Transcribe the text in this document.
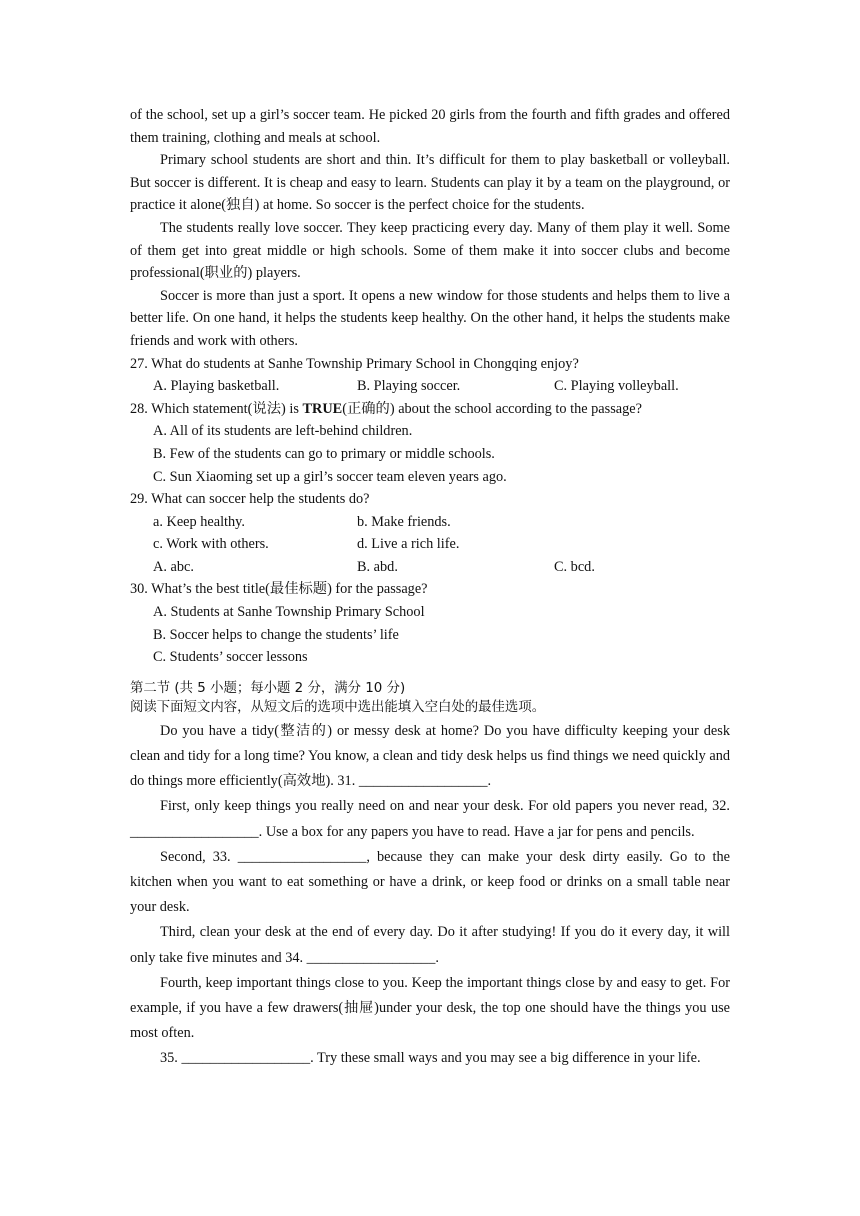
of the school, set up a girl’s soccer team. He picked 20 girls from the fourth and fifth grades and offered them training, clothing and meals at school.

Primary school students are short and thin. It’s difficult for them to play basketball or volleyball. But soccer is different. It is cheap and easy to learn. Students can play it by a team on the playground, or practice it alone(独自) at home. So soccer is the perfect choice for the students.

The students really love soccer. They keep practicing every day. Many of them play it well. Some of them get into great middle or high schools. Some of them make it into soccer clubs and become professional(职业的) players.

Soccer is more than just a sport. It opens a new window for those students and helps them to live a better life. On one hand, it helps the students keep healthy. On the other hand, it helps the students make friends and work with others.

27. What do students at Sanhe Township Primary School in Chongqing enjoy?

A. Playing basketball.	B. Playing soccer.	C. Playing volleyball.

28. Which statement(说法) is TRUE(正确的) about the school according to the passage?

A. All of its students are left-behind children.

B. Few of the students can go to primary or middle schools.

C. Sun Xiaoming set up a girl’s soccer team eleven years ago.

29. What can soccer help the students do?

a. Keep healthy.	b. Make friends.
c. Work with others.	d. Live a rich life.
A. abc.	B. abd.	C. bcd.

30. What’s the best title(最佳标题) for the passage?

A. Students at Sanhe Township Primary School

B. Soccer helps to change the students’ life

C. Students’ soccer lessons

第二节 (共 5 小题；每小题 2 分，满分 10 分)

阅读下面短文内容，从短文后的选项中选出能填入空白处的最佳选项。

Do you have a tidy(整洁的) or messy desk at home? Do you have difficulty keeping your desk clean and tidy for a long time? You know, a clean and tidy desk helps us find things we need quickly and do things more efficiently(高效地). 31. __________________.

First, only keep things you really need on and near your desk. For old papers you never read, 32. __________________. Use a box for any papers you have to read. Have a jar for pens and pencils.

Second, 33. __________________, because they can make your desk dirty easily. Go to the kitchen when you want to eat something or have a drink, or keep food or drinks on a small table near your desk.

Third, clean your desk at the end of every day. Do it after studying! If you do it every day, it will only take five minutes and 34. __________________.

Fourth, keep important things close to you. Keep the important things close by and easy to get. For example, if you have a few drawers(抽屉)under your desk, the top one should have the things you use most often.

35. __________________. Try these small ways and you may see a big difference in your life.
